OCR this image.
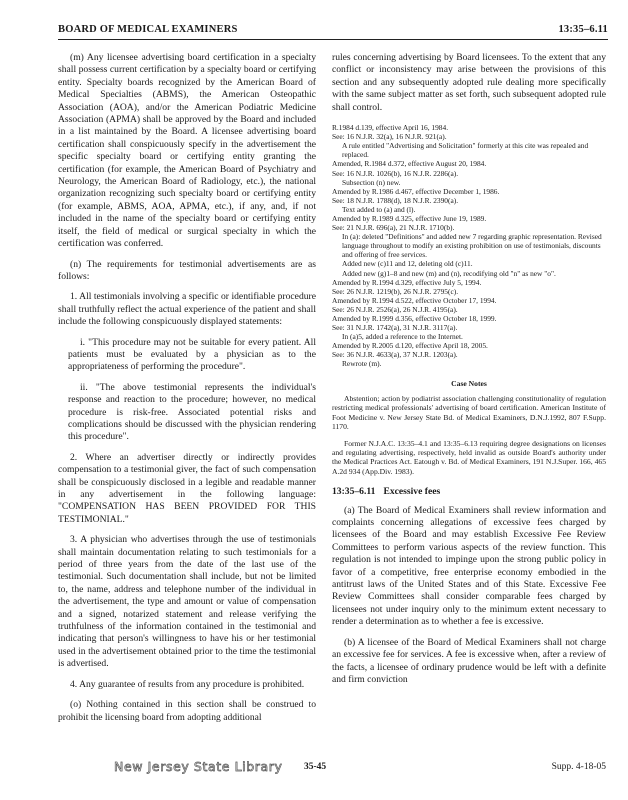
BOARD OF MEDICAL EXAMINERS	13:35–6.11

(m) Any licensee advertising board certification in a specialty shall possess current certification by a specialty board or certifying entity. Specialty boards recognized by the American Board of Medical Specialties (ABMS), the American Osteopathic Association (AOA), and/or the American Podiatric Medicine Association (APMA) shall be approved by the Board and included in a list maintained by the Board. A licensee advertising board certification shall conspicuously specify in the advertisement the specific specialty board or certifying entity granting the certification (for example, the American Board of Psychiatry and Neurology, the American Board of Radiology, etc.), the national organization recognizing such specialty board or certifying entity (for example, ABMS, AOA, APMA, etc.), if any, and, if not included in the name of the specialty board or certifying entity itself, the field of medical or surgical specialty in which the certification was conferred.

(n) The requirements for testimonial advertisements are as follows:

1. All testimonials involving a specific or identifiable procedure shall truthfully reflect the actual experience of the patient and shall include the following conspicuously displayed statements:

i. "This procedure may not be suitable for every patient. All patients must be evaluated by a physician as to the appropriateness of performing the procedure".

ii. "The above testimonial represents the individual's response and reaction to the procedure; however, no medical procedure is risk-free. Associated potential risks and complications should be discussed with the physician rendering this procedure".

2. Where an advertiser directly or indirectly provides compensation to a testimonial giver, the fact of such compensation shall be conspicuously disclosed in a legible and readable manner in any advertisement in the following language: "COMPENSATION HAS BEEN PROVIDED FOR THIS TESTIMONIAL."

3. A physician who advertises through the use of testimonials shall maintain documentation relating to such testimonials for a period of three years from the date of the last use of the testimonial. Such documentation shall include, but not be limited to, the name, address and telephone number of the individual in the advertisement, the type and amount or value of compensation and a signed, notarized statement and release verifying the truthfulness of the information contained in the testimonial and indicating that person's willingness to have his or her testimonial used in the advertisement obtained prior to the time the testimonial is advertised.

4. Any guarantee of results from any procedure is prohibited.

(o) Nothing contained in this section shall be construed to prohibit the licensing board from adopting additional

rules concerning advertising by Board licensees. To the extent that any conflict or inconsistency may arise between the provisions of this section and any subsequently adopted rule dealing more specifically with the same subject matter as set forth, such subsequent adopted rule shall control.

R.1984 d.139, effective April 16, 1984.

See: 16 N.J.R. 32(a), 16 N.J.R. 921(a).

A rule entitled "Advertising and Solicitation" formerly at this cite was repealed and replaced.

Amended, R.1984 d.372, effective August 20, 1984.

See: 16 N.J.R. 1026(b), 16 N.J.R. 2286(a).

Subsection (n) new.

Amended by R.1986 d.467, effective December 1, 1986.

See: 18 N.J.R. 1788(d), 18 N.J.R. 2390(a).

Text added to (a) and (l).

Amended by R.1989 d.325, effective June 19, 1989.

See: 21 N.J.R. 696(a), 21 N.J.R. 1710(b).

In (a): deleted "Definitions" and added new 7 regarding graphic representation. Revised language throughout to modify an existing prohibition on use of testimonials, discounts and offering of free services.

Added new (c)11 and 12, deleting old (c)11.

Added new (g)1–8 and new (m) and (n), recodifying old "n" as new "o".

Amended by R.1994 d.329, effective July 5, 1994.

See: 26 N.J.R. 1219(b), 26 N.J.R. 2795(c).

Amended by R.1994 d.522, effective October 17, 1994.

See: 26 N.J.R. 2526(a), 26 N.J.R. 4195(a).

Amended by R.1999 d.356, effective October 18, 1999.

See: 31 N.J.R. 1742(a), 31 N.J.R. 3117(a).

In (a)5, added a reference to the Internet.

Amended by R.2005 d.120, effective April 18, 2005.

See: 36 N.J.R. 4633(a), 37 N.J.R. 1203(a).

Rewrote (m).

Case Notes

Abstention; action by podiatrist association challenging constitutionality of regulation restricting medical professionals' advertising of board certification. American Institute of Foot Medicine v. New Jersey State Bd. of Medical Examiners, D.N.J.1992, 807 F.Supp. 1170.

Former N.J.A.C. 13:35–4.1 and 13:35–6.13 requiring degree designations on licenses and regulating advertising, respectively, held invalid as outside Board's authority under the Medical Practices Act. Eatough v. Bd. of Medical Examiners, 191 N.J.Super. 166, 465 A.2d 934 (App.Div. 1983).

13:35–6.11 Excessive fees

(a) The Board of Medical Examiners shall review information and complaints concerning allegations of excessive fees charged by licensees of the Board and may establish Excessive Fee Review Committees to perform various aspects of the review function. This regulation is not intended to impinge upon the strong public policy in favor of a competitive, free enterprise economy embodied in the antitrust laws of the United States and of this State. Excessive Fee Review Committees shall consider comparable fees charged by licensees not under inquiry only to the minimum extent necessary to render a determination as to whether a fee is excessive.

(b) A licensee of the Board of Medical Examiners shall not charge an excessive fee for services. A fee is excessive when, after a review of the facts, a licensee of ordinary prudence would be left with a definite and firm conviction

New Jersey State Library 35-45	Supp. 4-18-05
